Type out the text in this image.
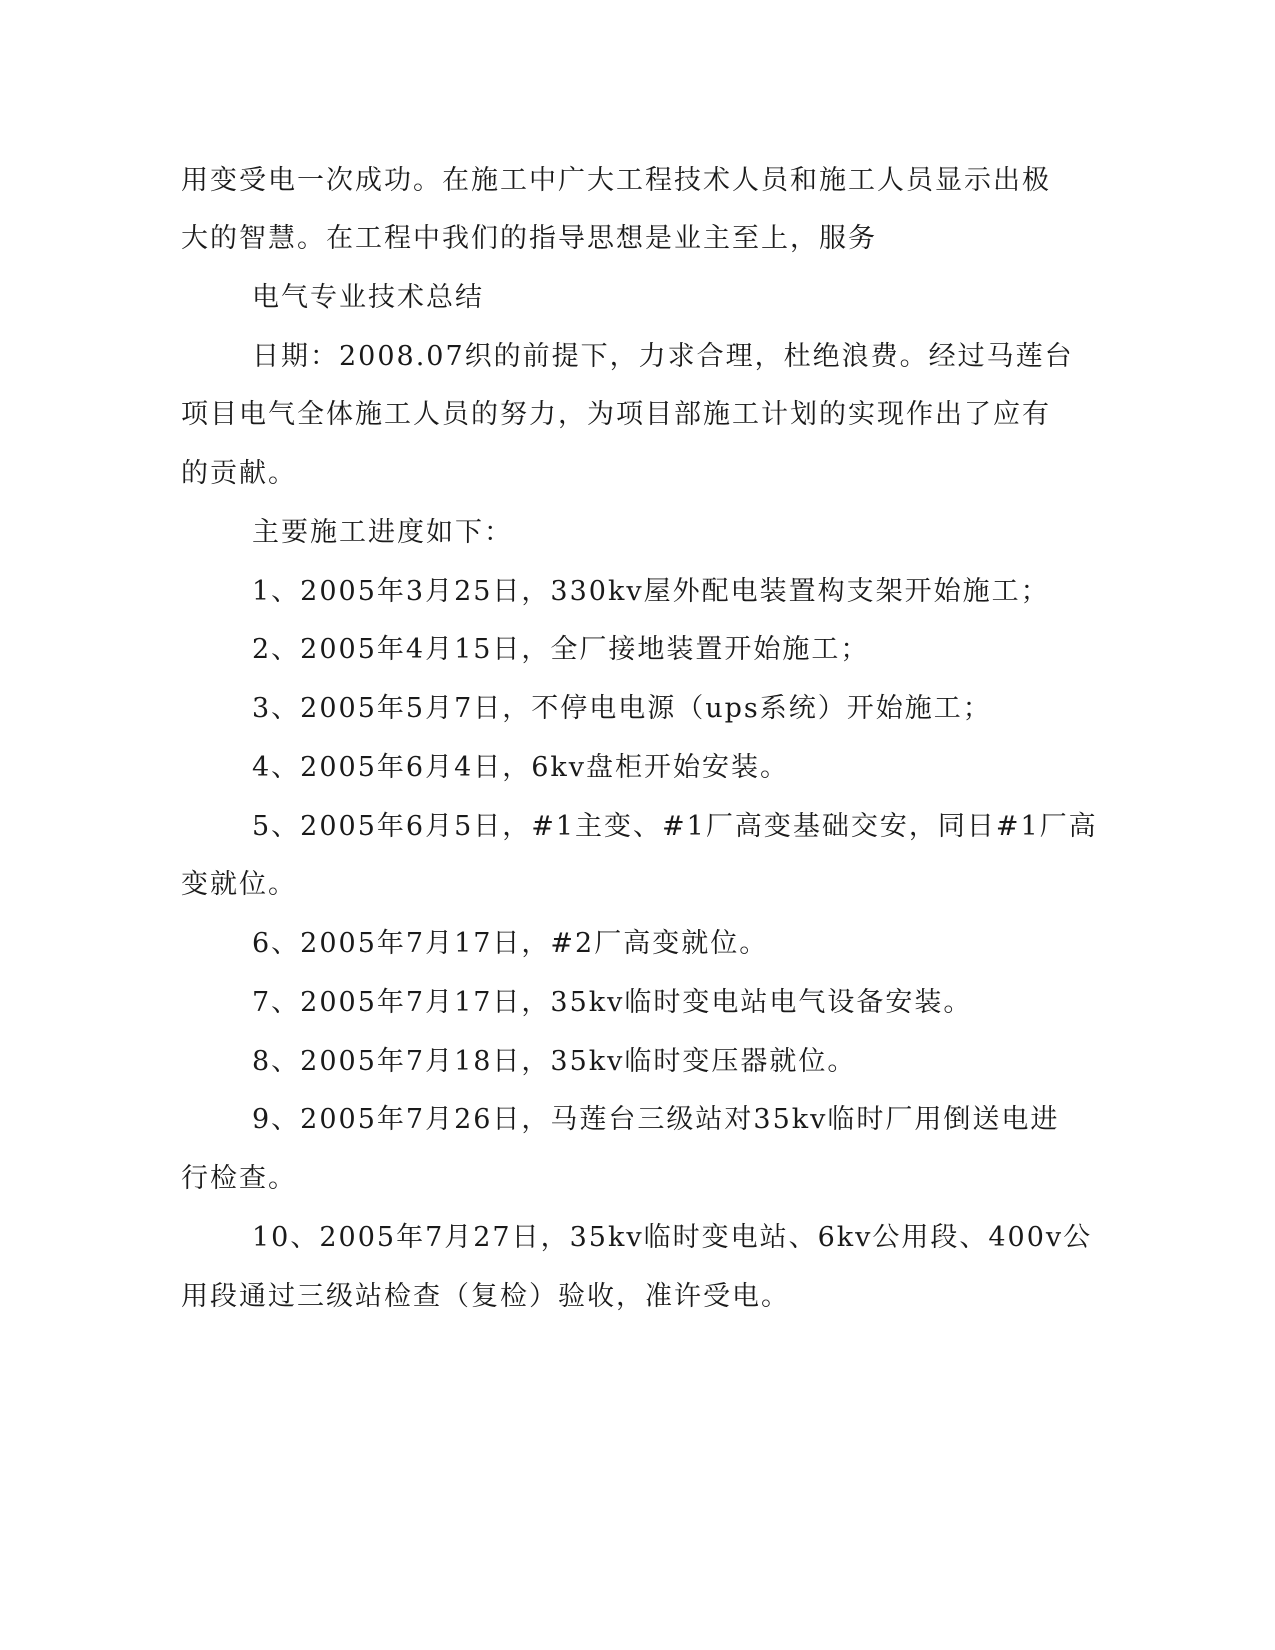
用变受电一次成功。在施工中广大工程技术人员和施工人员显示出极

大的智慧。在工程中我们的指导思想是业主至上，服务

电气专业技术总结

日期：2008.07织的前提下，力求合理，杜绝浪费。经过马莲台

项目电气全体施工人员的努力，为项目部施工计划的实现作出了应有

的贡献。

主要施工进度如下：

1、2005年3月25日，330kv屋外配电装置构支架开始施工；

2、2005年4月15日，全厂接地装置开始施工；

3、2005年5月7日，不停电电源（ups系统）开始施工；

4、2005年6月4日，6kv盘柜开始安装。

5、2005年6月5日，#1主变、#1厂高变基础交安，同日#1厂高

变就位。

6、2005年7月17日，#2厂高变就位。

7、2005年7月17日，35kv临时变电站电气设备安装。

8、2005年7月18日，35kv临时变压器就位。

9、2005年7月26日，马莲台三级站对35kv临时厂用倒送电进

行检查。

10、2005年7月27日，35kv临时变电站、6kv公用段、400v公

用段通过三级站检查（复检）验收，准许受电。
